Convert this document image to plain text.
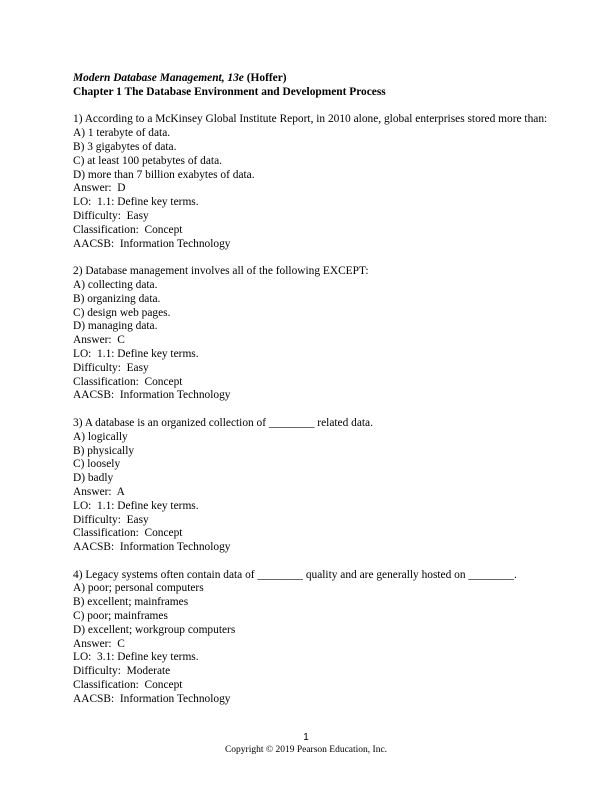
Modern Database Management, 13e (Hoffer)
Chapter 1 The Database Environment and Development Process
1) According to a McKinsey Global Institute Report, in 2010 alone, global enterprises stored more than:
A) 1 terabyte of data.
B) 3 gigabytes of data.
C) at least 100 petabytes of data.
D) more than 7 billion exabytes of data.
Answer:  D
LO:  1.1: Define key terms.
Difficulty:  Easy
Classification:  Concept
AACSB:  Information Technology
2) Database management involves all of the following EXCEPT:
A) collecting data.
B) organizing data.
C) design web pages.
D) managing data.
Answer:  C
LO:  1.1: Define key terms.
Difficulty:  Easy
Classification:  Concept
AACSB:  Information Technology
3) A database is an organized collection of ________ related data.
A) logically
B) physically
C) loosely
D) badly
Answer:  A
LO:  1.1: Define key terms.
Difficulty:  Easy
Classification:  Concept
AACSB:  Information Technology
4) Legacy systems often contain data of ________ quality and are generally hosted on ________.
A) poor; personal computers
B) excellent; mainframes
C) poor; mainframes
D) excellent; workgroup computers
Answer:  C
LO:  3.1: Define key terms.
Difficulty:  Moderate
Classification:  Concept
AACSB:  Information Technology
1
Copyright © 2019 Pearson Education, Inc.
